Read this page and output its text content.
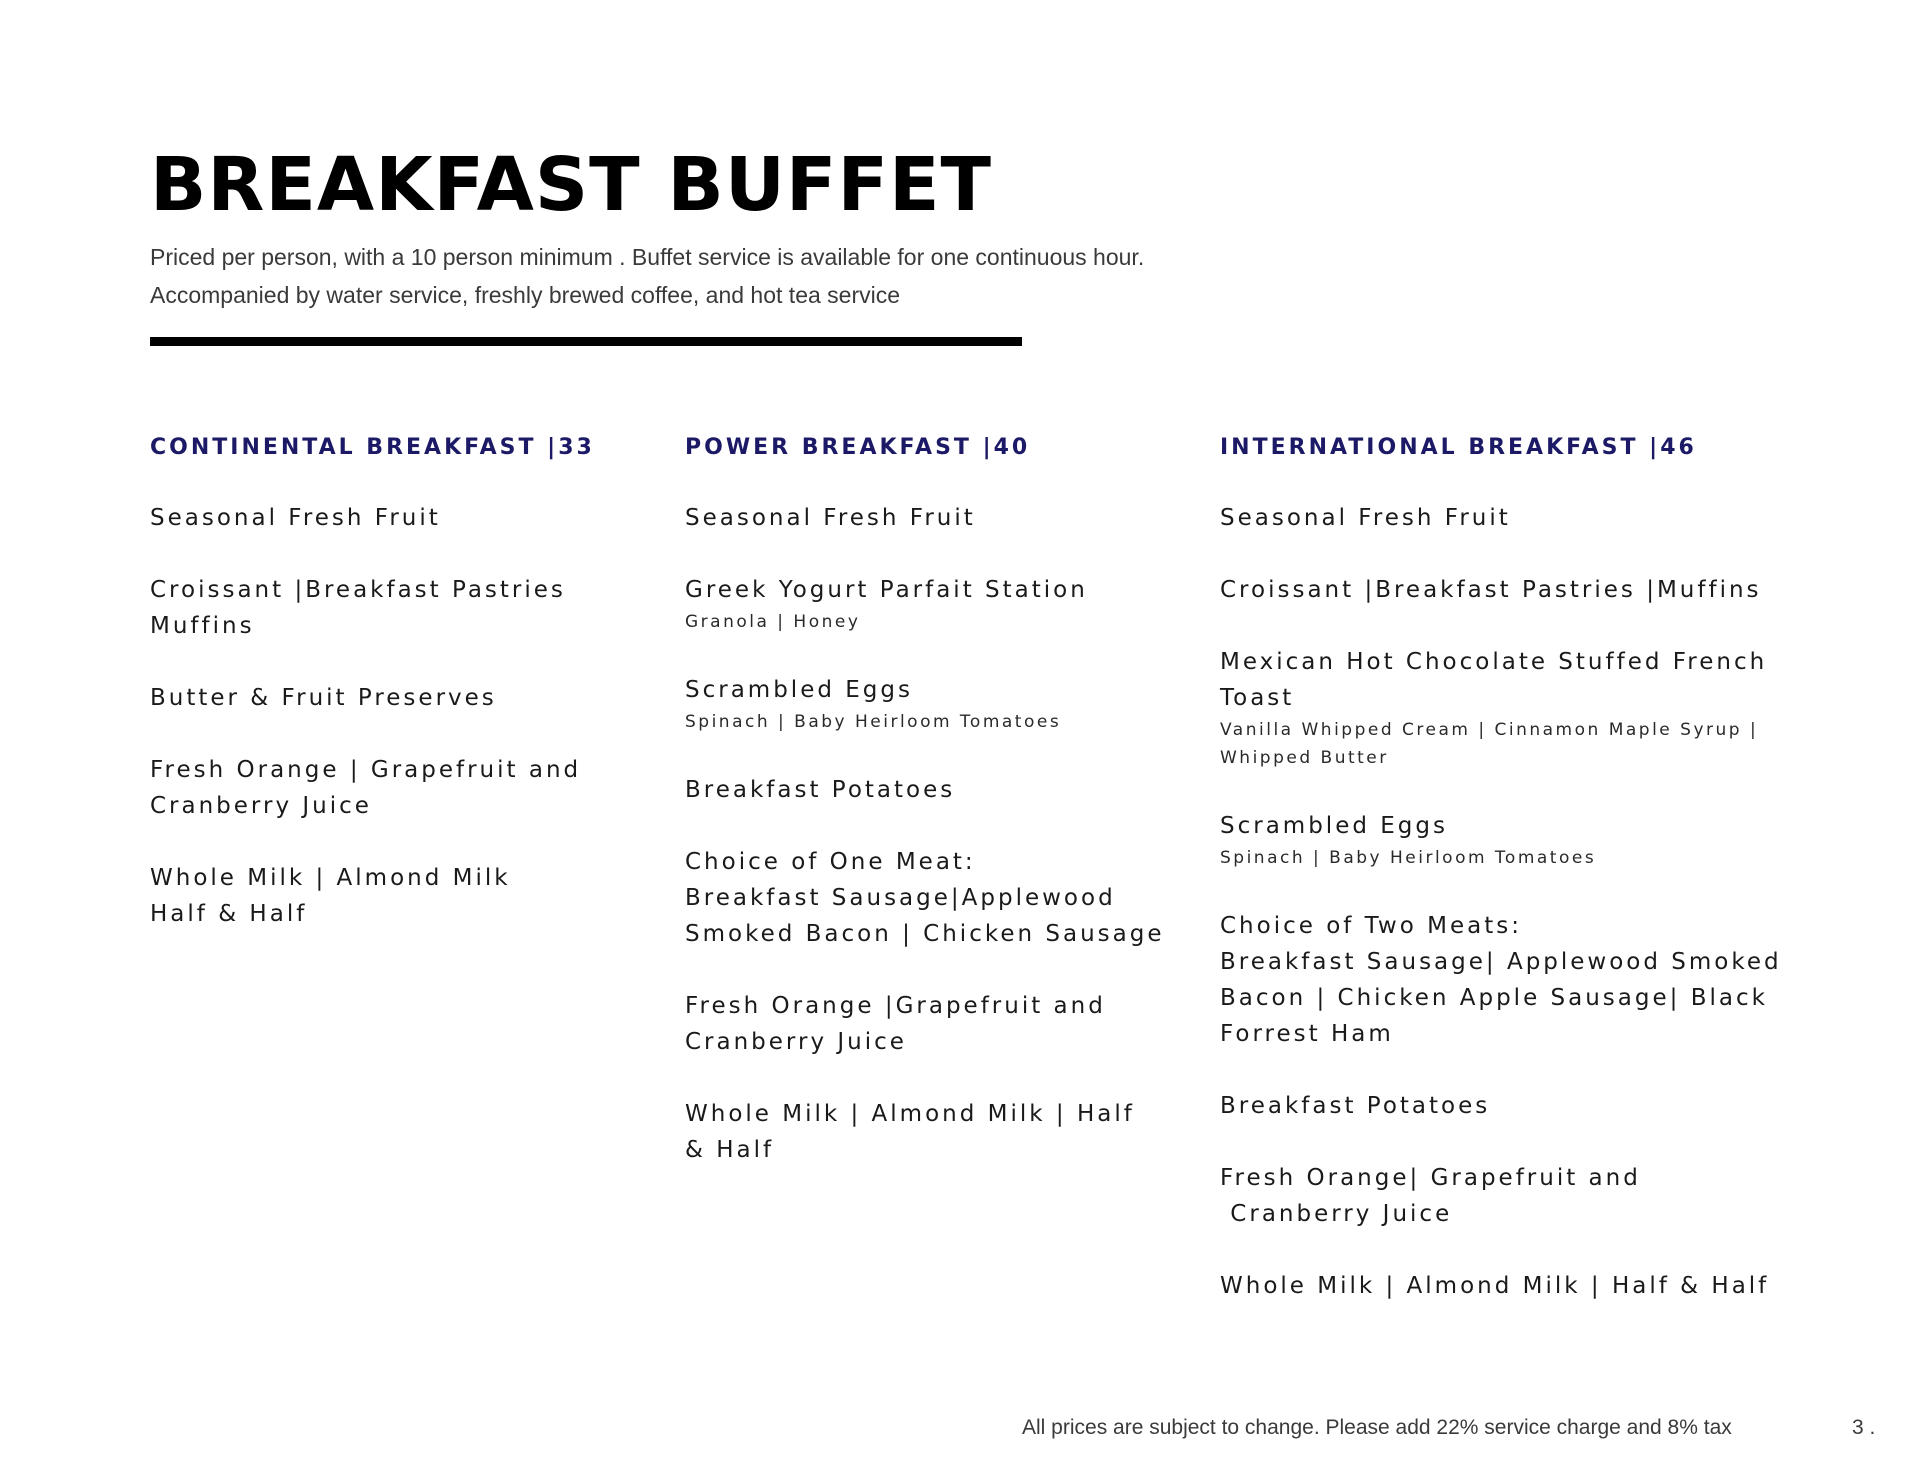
BREAKFAST BUFFET
Priced per person, with a 10 person minimum . Buffet service is available for one continuous hour.
Accompanied by water service, freshly brewed coffee, and hot tea service
CONTINENTAL BREAKFAST |33
Seasonal Fresh Fruit
Croissant |Breakfast Pastries
Muffins
Butter & Fruit Preserves
Fresh Orange | Grapefruit and
Cranberry Juice
Whole Milk | Almond Milk
Half & Half
POWER BREAKFAST |40
Seasonal Fresh Fruit
Greek Yogurt Parfait Station
Granola | Honey
Scrambled Eggs
Spinach | Baby Heirloom Tomatoes
Breakfast Potatoes
Choice of One Meat:
Breakfast Sausage|Applewood
Smoked Bacon | Chicken Sausage
Fresh Orange |Grapefruit and
Cranberry Juice
Whole Milk | Almond Milk | Half
& Half
INTERNATIONAL BREAKFAST |46
Seasonal Fresh Fruit
Croissant |Breakfast Pastries |Muffins
Mexican Hot Chocolate Stuffed French
Toast
Vanilla Whipped Cream | Cinnamon Maple Syrup |
Whipped Butter
Scrambled Eggs
Spinach | Baby Heirloom Tomatoes
Choice of Two Meats:
Breakfast Sausage| Applewood Smoked
Bacon | Chicken Apple Sausage| Black
Forrest Ham
Breakfast Potatoes
Fresh Orange| Grapefruit and
Cranberry Juice
Whole Milk | Almond Milk | Half & Half
All prices are subject to change. Please add 22% service charge and 8% tax	3 .
